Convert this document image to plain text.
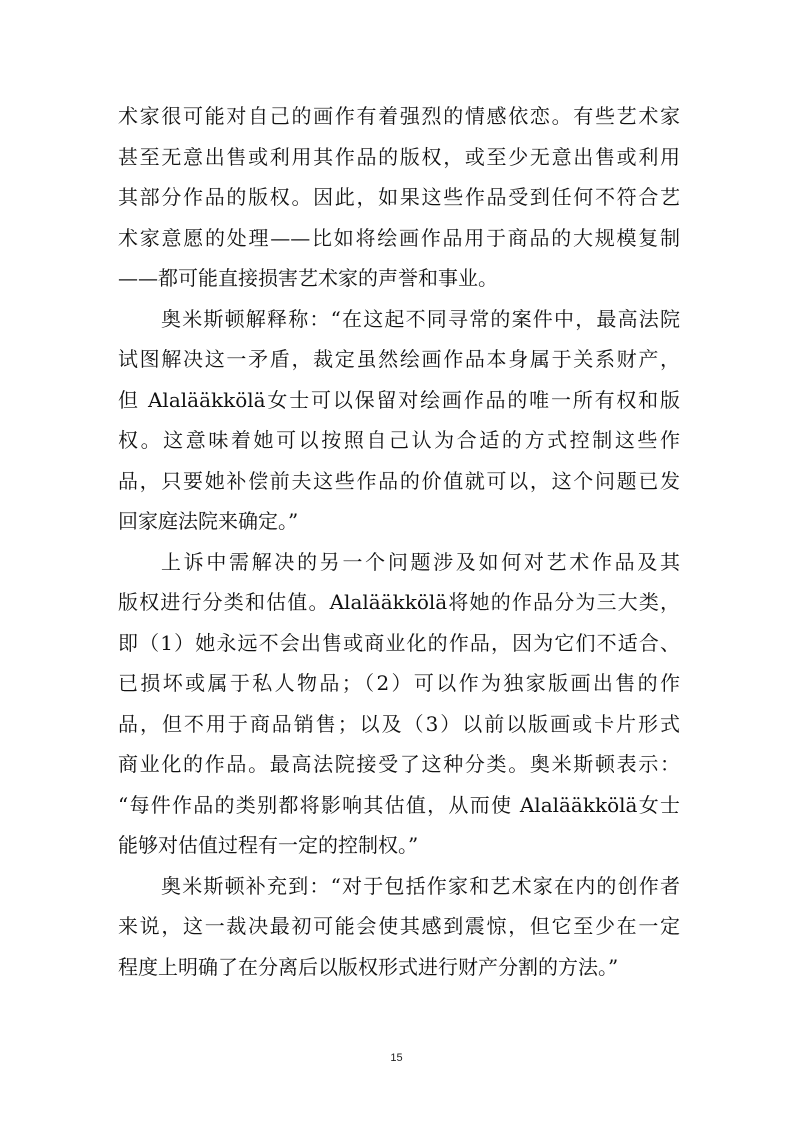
术家很可能对自己的画作有着强烈的情感依恋。有些艺术家
甚至无意出售或利用其作品的版权，或至少无意出售或利用
其部分作品的版权。因此，如果这些作品受到任何不符合艺
术家意愿的处理——比如将绘画作品用于商品的大规模复制
——都可能直接损害艺术家的声誉和事业。
奥米斯顿解释称：“在这起不同寻常的案件中，最高法院
试图解决这一矛盾，裁定虽然绘画作品本身属于关系财产，
但 Alalääkkölä女士可以保留对绘画作品的唯一所有权和版
权。这意味着她可以按照自己认为合适的方式控制这些作
品，只要她补偿前夫这些作品的价值就可以，这个问题已发
回家庭法院来确定。”
上诉中需解决的另一个问题涉及如何对艺术作品及其
版权进行分类和估值。Alalääkkölä将她的作品分为三大类，
即（1）她永远不会出售或商业化的作品，因为它们不适合、
已损坏或属于私人物品；（2）可以作为独家版画出售的作
品，但不用于商品销售；以及（3）以前以版画或卡片形式
商业化的作品。最高法院接受了这种分类。奥米斯顿表示：
“每件作品的类别都将影响其估值，从而使 Alalääkkölä女士
能够对估值过程有一定的控制权。”
奥米斯顿补充到：“对于包括作家和艺术家在内的创作者
来说，这一裁决最初可能会使其感到震惊，但它至少在一定
程度上明确了在分离后以版权形式进行财产分割的方法。”
15
